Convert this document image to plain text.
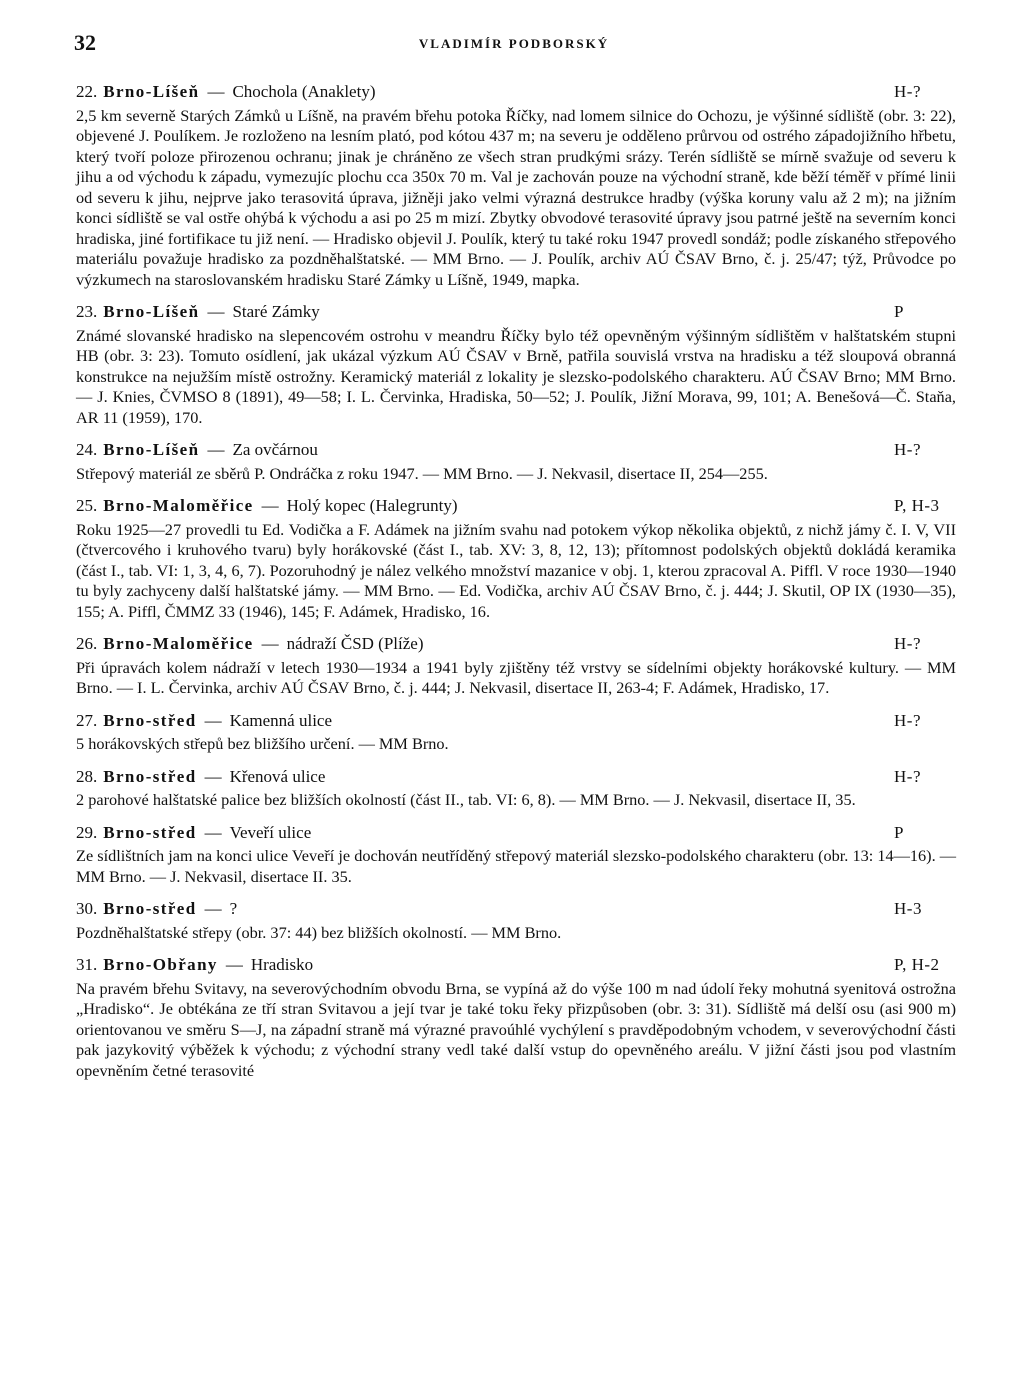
32	VLADIMÍR PODBORSKÝ
22. Brno-Líšeň — Chochola (Anaklety)	H-?

2,5 km severně Starých Zámků u Líšně, na pravém břehu potoka Říčky, nad lomem silnice do Ochozu, je výšinné sídliště (obr. 3: 22), objevené J. Poulíkem. Je rozloženo na lesním plató, pod kótou 437 m; na severu je odděleno průrvou od ostrého západojižního hřbetu, který tvoří poloze přirozenou ochranu; jinak je chráněno ze všech stran prudkými srázy. Terén sídliště se mírně svažuje od severu k jihu a od východu k západu, vymezujíc plochu cca 350x 70 m. Val je zachován pouze na východní straně, kde běží téměř v přímé linii od severu k jihu, nejprve jako terasovitá úprava, jižněji jako velmi výrazná destrukce hradby (výška koruny valu až 2 m); na jižním konci sídliště se val ostře ohýbá k východu a asi po 25 m mizí. Zbytky obvodové terasovité úpravy jsou patrné ještě na severním konci hradiska, jiné fortifikace tu již není. — Hradisko objevil J. Poulík, který tu také roku 1947 provedl sondáž; podle získaného střepového materiálu považuje hradisko za pozdněhalštatské. — MM Brno. — J. Poulík, archiv AÚ ČSAV Brno, č. j. 25/47; týž, Průvodce po výzkumech na staroslovanském hradisku Staré Zámky u Líšně, 1949, mapka.

23. Brno-Líšeň — Staré Zámky	P

Známé slovanské hradisko na slepencovém ostrohu v meandru Říčky bylo též opevněným výšinným sídlištěm v halštatském stupni HB (obr. 3: 23). Tomuto osídlení, jak ukázal výzkum AÚ ČSAV v Brně, patřila souvislá vrstva na hradisku a též sloupová obranná konstrukce na nejužším místě ostrožny. Keramický materiál z lokality je slezsko-podolského charakteru. AÚ ČSAV Brno; MM Brno. — J. Knies, ČVMSO 8 (1891), 49—58; I. L. Červinka, Hradiska, 50—52; J. Poulík, Jižní Morava, 99, 101; A. Benešová—Č. Staňa, AR 11 (1959), 170.

24. Brno-Líšeň — Za ovčárnou	H-?

Střepový materiál ze sběrů P. Ondráčka z roku 1947. — MM Brno. — J. Nekvasil, disertace II, 254—255.

25. Brno-Maloměřice — Holý kopec (Halegrunty)	P, H-3

Roku 1925—27 provedli tu Ed. Vodička a F. Adámek na jižním svahu nad potokem výkop několika objektů, z nichž jámy č. I. V, VII (čtvercového i kruhového tvaru) byly horákovské (část I., tab. XV: 3, 8, 12, 13); přítomnost podolských objektů dokládá keramika (část I., tab. VI: 1, 3, 4, 6, 7). Pozoruhodný je nález velkého množství mazanice v obj. 1, kterou zpracoval A. Piffl. V roce 1930—1940 tu byly zachyceny další halštatské jámy. — MM Brno. — Ed. Vodička, archiv AÚ ČSAV Brno, č. j. 444; J. Skutil, OP IX (1930—35), 155; A. Piffl, ČMMZ 33 (1946), 145; F. Adámek, Hradisko, 16.

26. Brno-Maloměřice — nádraží ČSD (Plíže)	H-?

Při úpravách kolem nádraží v letech 1930—1934 a 1941 byly zjištěny též vrstvy se sídelními objekty horákovské kultury. — MM Brno. — I. L. Červinka, archiv AÚ ČSAV Brno, č. j. 444; J. Nekvasil, disertace II, 263-4; F. Adámek, Hradisko, 17.

27. Brno-střed — Kamenná ulice	H-?

5 horákovských střepů bez bližšího určení. — MM Brno.

28. Brno-střed — Křenová ulice	H-?

2 parohové halštatské palice bez bližších okolností (část II., tab. VI: 6, 8). — MM Brno. — J. Nekvasil, disertace II, 35.

29. Brno-střed — Veveří ulice	P

Ze sídlištních jam na konci ulice Veveří je dochován neutříděný střepový materiál slezsko-podolského charakteru (obr. 13: 14—16). — MM Brno. — J. Nekvasil, disertace II. 35.

30. Brno-střed — ?	H-3

Pozdněhalštatské střepy (obr. 37: 44) bez bližších okolností. — MM Brno.

31. Brno-Obřany — Hradisko	P, H-2

Na pravém břehu Svitavy, na severovýchodním obvodu Brna, se vypíná až do výše 100 m nad údolí řeky mohutná syenitová ostrožna „Hradisko“. Je obtékána ze tří stran Svitavou a její tvar je také toku řeky přizpůsoben (obr. 3: 31). Sídliště má delší osu (asi 900 m) orientovanou ve směru S—J, na západní straně má výrazné pravoúhlé vychýlení s pravděpodobným vchodem, v severovýchodní části pak jazykovitý výběžek k východu; z východní strany vedl také další vstup do opevněného areálu. V jižní části jsou pod vlastním opevněním četné terasovité
